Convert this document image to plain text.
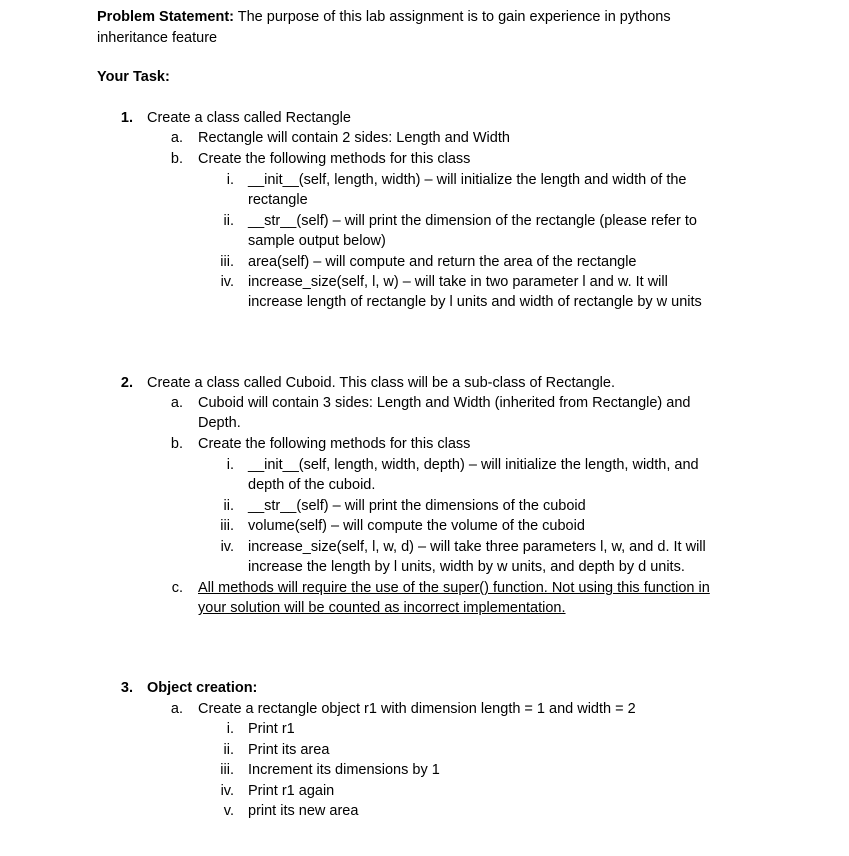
Problem Statement: The purpose of this lab assignment is to gain experience in pythons
inheritance feature
Your Task:
1. Create a class called Rectangle
a. Rectangle will contain 2 sides: Length and Width
b. Create the following methods for this class
i. __init__(self, length, width) – will initialize the length and width of the
rectangle
ii. __str__(self) – will print the dimension of the rectangle (please refer to
sample output below)
iii. area(self) – will compute and return the area of the rectangle
iv. increase_size(self, l, w) – will take in two parameter l and w. It will
increase length of rectangle by l units and width of rectangle by w units
2. Create a class called Cuboid. This class will be a sub-class of Rectangle.
a. Cuboid will contain 3 sides: Length and Width (inherited from Rectangle) and
Depth.
b. Create the following methods for this class
i. __init__(self, length, width, depth) – will initialize the length, width, and
depth of the cuboid.
ii. __str__(self) – will print the dimensions of the cuboid
iii. volume(self) – will compute the volume of the cuboid
iv. increase_size(self, l, w, d) – will take three parameters l, w, and d. It will
increase the length by l units, width by w units, and depth by d units.
c. All methods will require the use of the super() function. Not using this function in
your solution will be counted as incorrect implementation.
3. Object creation:
a. Create a rectangle object r1 with dimension length = 1 and width = 2
i. Print r1
ii. Print its area
iii. Increment its dimensions by 1
iv. Print r1 again
v. print its new area
